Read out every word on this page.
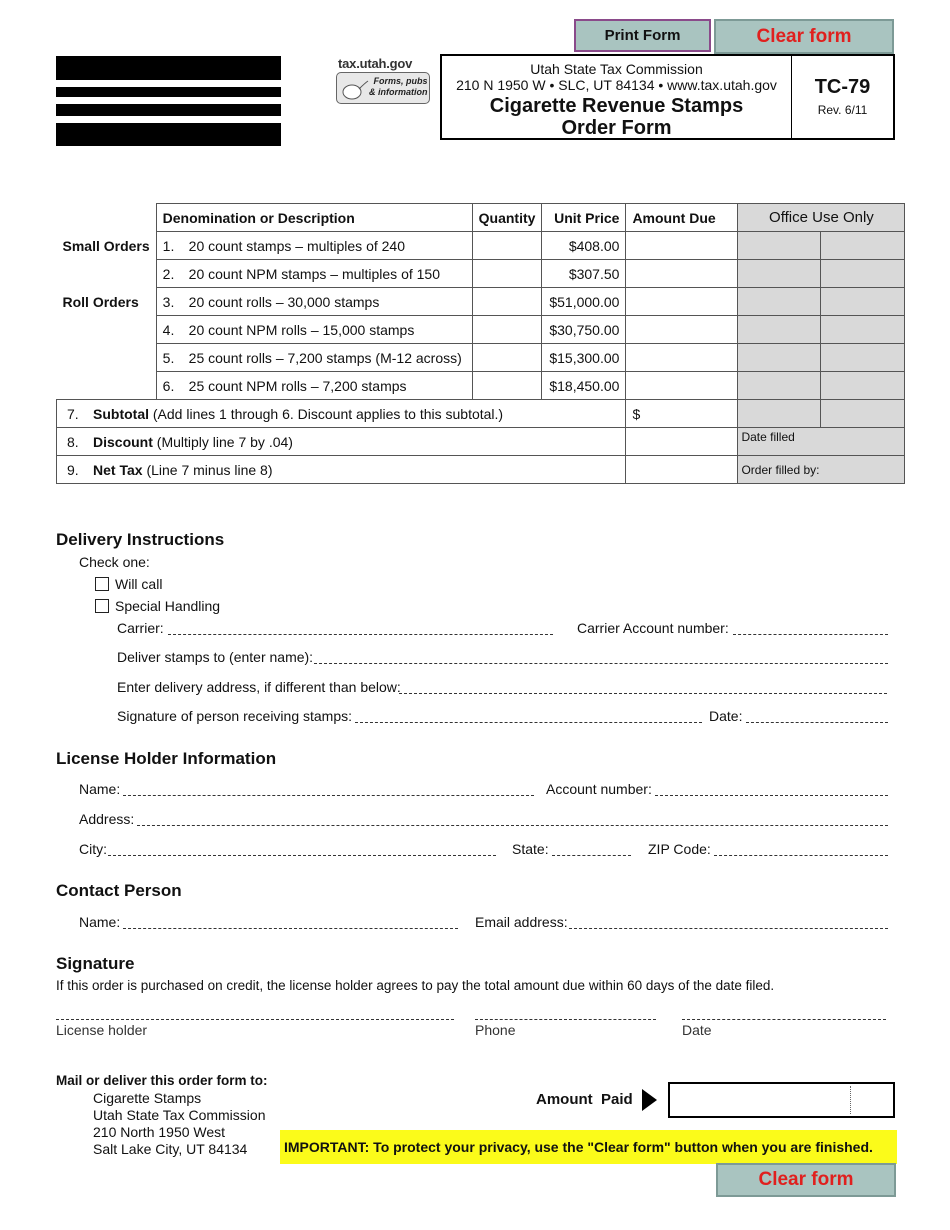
Print Form	Clear form
tax.utah.gov
Forms, pubs
& information
Utah State Tax Commission
210 N 1950 W • SLC, UT 84134 • www.tax.utah.gov
Cigarette Revenue Stamps
Order Form
TC-79
Rev. 6/11
	Denomination or Description	Quantity	Unit Price	Amount Due	Office Use Only	
Small Orders	1. 20 count stamps – multiples of 240		$408.00			
	2. 20 count NPM stamps – multiples of 150		$307.50			
Roll Orders	3. 20 count rolls – 30,000 stamps		$51,000.00			
	4. 20 count NPM rolls – 15,000 stamps		$30,750.00			
	5. 25 count rolls – 7,200 stamps (M-12 across)		$15,300.00			
	6. 25 count NPM rolls – 7,200 stamps		$18,450.00			
7. Subtotal (Add lines 1 through 6. Discount applies to this subtotal.)				$		
8. Discount (Multiply line 7 by .04)					Date filled	
9. Net Tax (Line 7 minus line 8)					Order filled by:	
Delivery Instructions
Check one:
Will call
Special Handling
Carrier:	Carrier Account number:
Deliver stamps to (enter name):
Enter delivery address, if different than below:
Signature of person receiving stamps:	Date:
License Holder Information
Name:	Account number:
Address:
City:	State:	ZIP Code:
Contact Person
Name:	Email address:
Signature
If this order is purchased on credit, the license holder agrees to pay the total amount due within 60 days of the date filed.
License holder	Phone	Date
Mail or deliver this order form to:
Cigarette Stamps
Utah State Tax Commission
210 North 1950 West
Salt Lake City, UT 84134
Amount  Paid
IMPORTANT: To protect your privacy, use the "Clear form" button when you are finished.
Clear form
